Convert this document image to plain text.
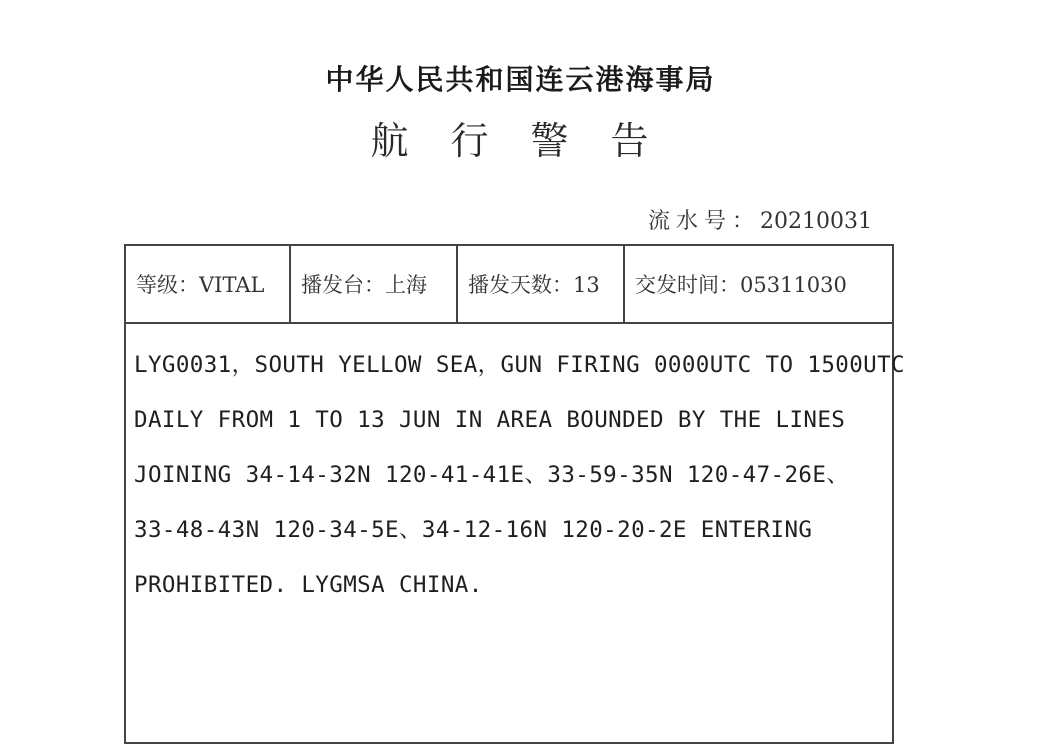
中华人民共和国连云港海事局
航行警告
流水号：20210031
等级：VITAL	播发台：上海	播发天数：13	交发时间：05311030
LYG0031，SOUTH YELLOW SEA，GUN FIRING 0000UTC TO 1500UTC
DAILY FROM 1 TO 13 JUN IN AREA BOUNDED BY THE LINES
JOINING 34-14-32N 120-41-41E、33-59-35N 120-47-26E、
33-48-43N 120-34-5E、34-12-16N 120-20-2E ENTERING
PROHIBITED. LYGMSA CHINA.
